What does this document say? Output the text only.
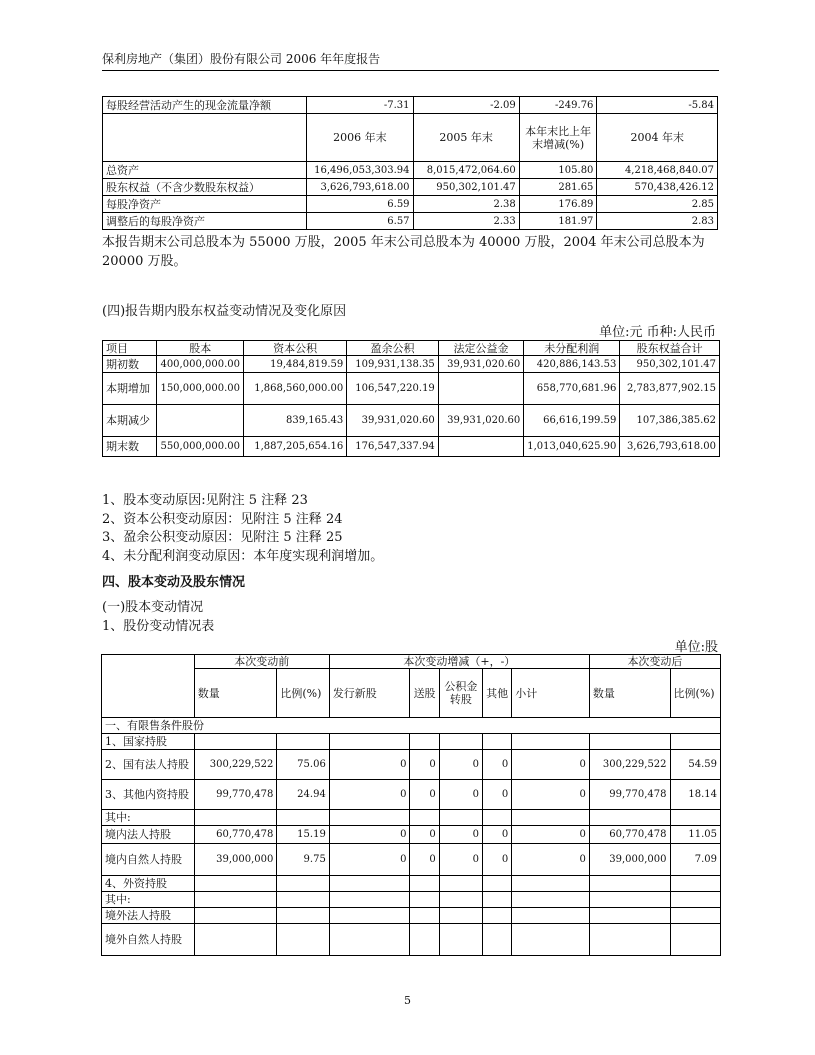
保利房地产（集团）股份有限公司 2006 年年度报告
每股经营活动产生的现金流量净额	-7.31	-2.09	-249.76	-5.84
	2006 年末	2005 年末	本年末比上年末增减(%)	2004 年末
总资产	16,496,053,303.94	8,015,472,064.60	105.80	4,218,468,840.07
股东权益（不含少数股东权益）	3,626,793,618.00	950,302,101.47	281.65	570,438,426.12
每股净资产	6.59	2.38	176.89	2.85
调整后的每股净资产	6.57	2.33	181.97	2.83
本报告期末公司总股本为 55000 万股，2005 年末公司总股本为 40000 万股，2004 年末公司总股本为 20000 万股。
(四)报告期内股东权益变动情况及变化原因
单位:元 币种:人民币
项目	股本	资本公积	盈余公积	法定公益金	未分配利润	股东权益合计
期初数	400,000,000.00	19,484,819.59	109,931,138.35	39,931,020.60	420,886,143.53	950,302,101.47
本期增加	150,000,000.00	1,868,560,000.00	106,547,220.19		658,770,681.96	2,783,877,902.15
本期减少		839,165.43	39,931,020.60	39,931,020.60	66,616,199.59	107,386,385.62
期末数	550,000,000.00	1,887,205,654.16	176,547,337.94		1,013,040,625.90	3,626,793,618.00
1、股本变动原因:见附注 5 注释 23
2、资本公积变动原因：见附注 5 注释 24
3、盈余公积变动原因：见附注 5 注释 25
4、未分配利润变动原因：本年度实现利润增加。
四、股本变动及股东情况
(一)股本变动情况
1、股份变动情况表
单位:股
	本次变动前		本次变动增减（+，-）					本次变动后	
	数量	比例(%)	发行新股	送股	公积金转股	其他	小计	数量	比例(%)
一、有限售条件股份									
1、国家持股									
2、国有法人持股	300,229,522	75.06	0	0	0	0	0	300,229,522	54.59
3、其他内资持股	99,770,478	24.94	0	0	0	0	0	99,770,478	18.14
其中:									
境内法人持股	60,770,478	15.19	0	0	0	0	0	60,770,478	11.05
境内自然人持股	39,000,000	9.75	0	0	0	0	0	39,000,000	7.09
4、外资持股									
其中:									
境外法人持股									
境外自然人持股									
5
